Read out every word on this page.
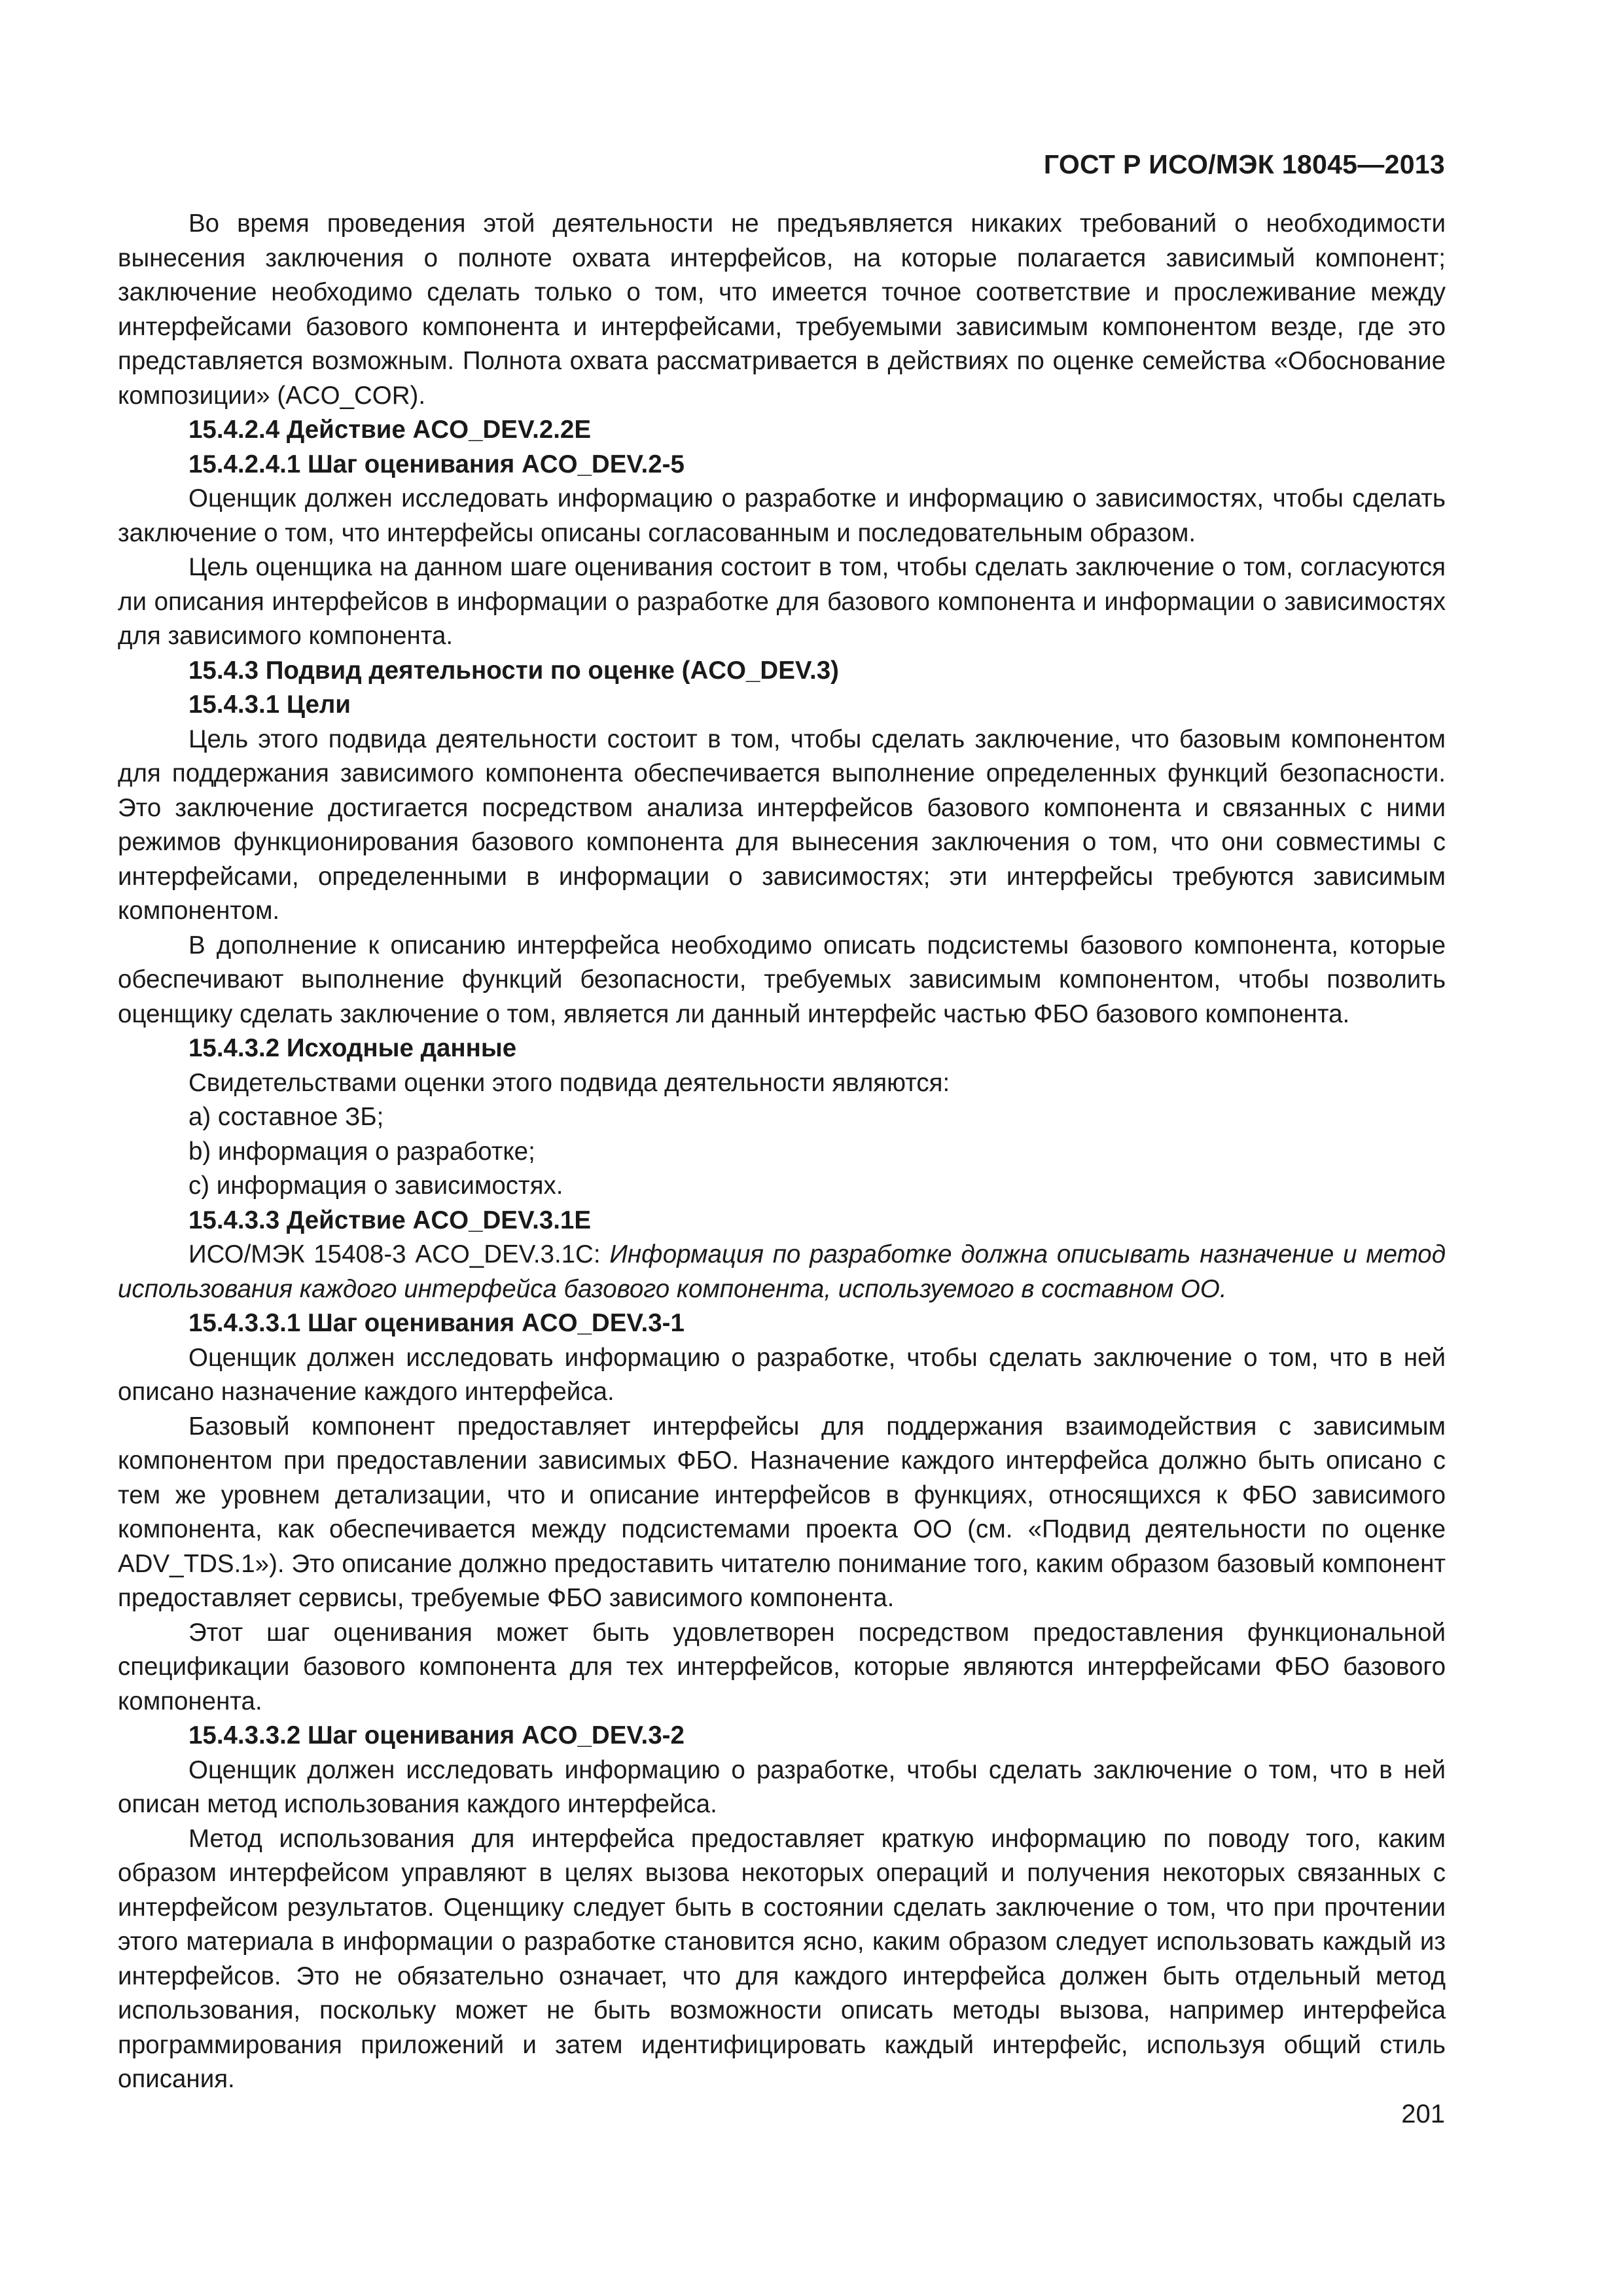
ГОСТ Р ИСО/МЭК 18045—2013

Во время проведения этой деятельности не предъявляется никаких требований о необходимости вынесения заключения о полноте охвата интерфейсов, на которые полагается зависимый компонент; заключение необходимо сделать только о том, что имеется точное соответствие и прослеживание между интерфейсами базового компонента и интерфейсами, требуемыми зависимым компонентом везде, где это представляется возможным. Полнота охвата рассматривается в действиях по оценке семейства «Обоснование композиции» (ACO_COR).

15.4.2.4 Действие ACO_DEV.2.2E

15.4.2.4.1 Шаг оценивания ACO_DEV.2-5

Оценщик должен исследовать информацию о разработке и информацию о зависимостях, чтобы сделать заключение о том, что интерфейсы описаны согласованным и последовательным образом.

Цель оценщика на данном шаге оценивания состоит в том, чтобы сделать заключение о том, согласуются ли описания интерфейсов в информации о разработке для базового компонента и информации о зависимостях для зависимого компонента.

15.4.3 Подвид деятельности по оценке (ACO_DEV.3)

15.4.3.1 Цели

Цель этого подвида деятельности состоит в том, чтобы сделать заключение, что базовым компонентом для поддержания зависимого компонента обеспечивается выполнение определенных функций безопасности. Это заключение достигается посредством анализа интерфейсов базового компонента и связанных с ними режимов функционирования базового компонента для вынесения заключения о том, что они совместимы с интерфейсами, определенными в информации о зависимостях; эти интерфейсы требуются зависимым компонентом.

В дополнение к описанию интерфейса необходимо описать подсистемы базового компонента, которые обеспечивают выполнение функций безопасности, требуемых зависимым компонентом, чтобы позволить оценщику сделать заключение о том, является ли данный интерфейс частью ФБО базового компонента.

15.4.3.2 Исходные данные

Свидетельствами оценки этого подвида деятельности являются:

a) составное ЗБ;

b) информация о разработке;

c) информация о зависимостях.

15.4.3.3 Действие ACO_DEV.3.1E

ИСО/МЭК 15408-3 ACO_DEV.3.1C: Информация по разработке должна описывать назначение и метод использования каждого интерфейса базового компонента, используемого в составном ОО.

15.4.3.3.1 Шаг оценивания ACO_DEV.3-1

Оценщик должен исследовать информацию о разработке, чтобы сделать заключение о том, что в ней описано назначение каждого интерфейса.

Базовый компонент предоставляет интерфейсы для поддержания взаимодействия с зависимым компонентом при предоставлении зависимых ФБО. Назначение каждого интерфейса должно быть описано с тем же уровнем детализации, что и описание интерфейсов в функциях, относящихся к ФБО зависимого компонента, как обеспечивается между подсистемами проекта ОО (см. «Подвид деятельности по оценке ADV_TDS.1»). Это описание должно предоставить читателю понимание того, каким образом базовый компонент предоставляет сервисы, требуемые ФБО зависимого компонента.

Этот шаг оценивания может быть удовлетворен посредством предоставления функциональной спецификации базового компонента для тех интерфейсов, которые являются интерфейсами ФБО базового компонента.

15.4.3.3.2 Шаг оценивания ACO_DEV.3-2

Оценщик должен исследовать информацию о разработке, чтобы сделать заключение о том, что в ней описан метод использования каждого интерфейса.

Метод использования для интерфейса предоставляет краткую информацию по поводу того, каким образом интерфейсом управляют в целях вызова некоторых операций и получения некоторых связанных с интерфейсом результатов. Оценщику следует быть в состоянии сделать заключение о том, что при прочтении этого материала в информации о разработке становится ясно, каким образом следует использовать каждый из интерфейсов. Это не обязательно означает, что для каждого интерфейса должен быть отдельный метод использования, поскольку может не быть возможности описать методы вызова, например интерфейса программирования приложений и затем идентифицировать каждый интерфейс, используя общий стиль описания.

201
